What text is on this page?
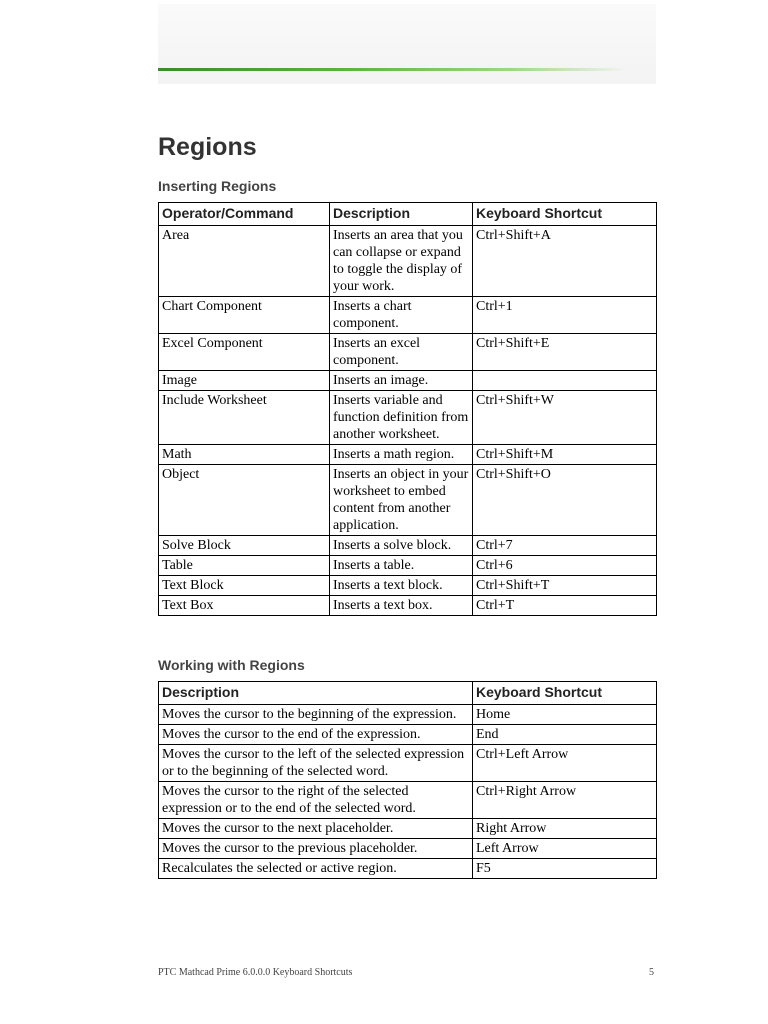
Regions
Inserting Regions
Operator/Command	Description	Keyboard Shortcut
Area	Inserts an area that you can collapse or expand to toggle the display of your work.	Ctrl+Shift+A
Chart Component	Inserts a chart component.	Ctrl+1
Excel Component	Inserts an excel component.	Ctrl+Shift+E
Image	Inserts an image.	
Include Worksheet	Inserts variable and function definition from another worksheet.	Ctrl+Shift+W
Math	Inserts a math region.	Ctrl+Shift+M
Object	Inserts an object in your worksheet to embed content from another application.	Ctrl+Shift+O
Solve Block	Inserts a solve block.	Ctrl+7
Table	Inserts a table.	Ctrl+6
Text Block	Inserts a text block.	Ctrl+Shift+T
Text Box	Inserts a text box.	Ctrl+T
Working with Regions
Description	Keyboard Shortcut
Moves the cursor to the beginning of the expression.	Home
Moves the cursor to the end of the expression.	End
Moves the cursor to the left of the selected expression or to the beginning of the selected word.	Ctrl+Left Arrow
Moves the cursor to the right of the selected expression or to the end of the selected word.	Ctrl+Right Arrow
Moves the cursor to the next placeholder.	Right Arrow
Moves the cursor to the previous placeholder.	Left Arrow
Recalculates the selected or active region.	F5
PTC Mathcad Prime 6.0.0.0 Keyboard Shortcuts	5
